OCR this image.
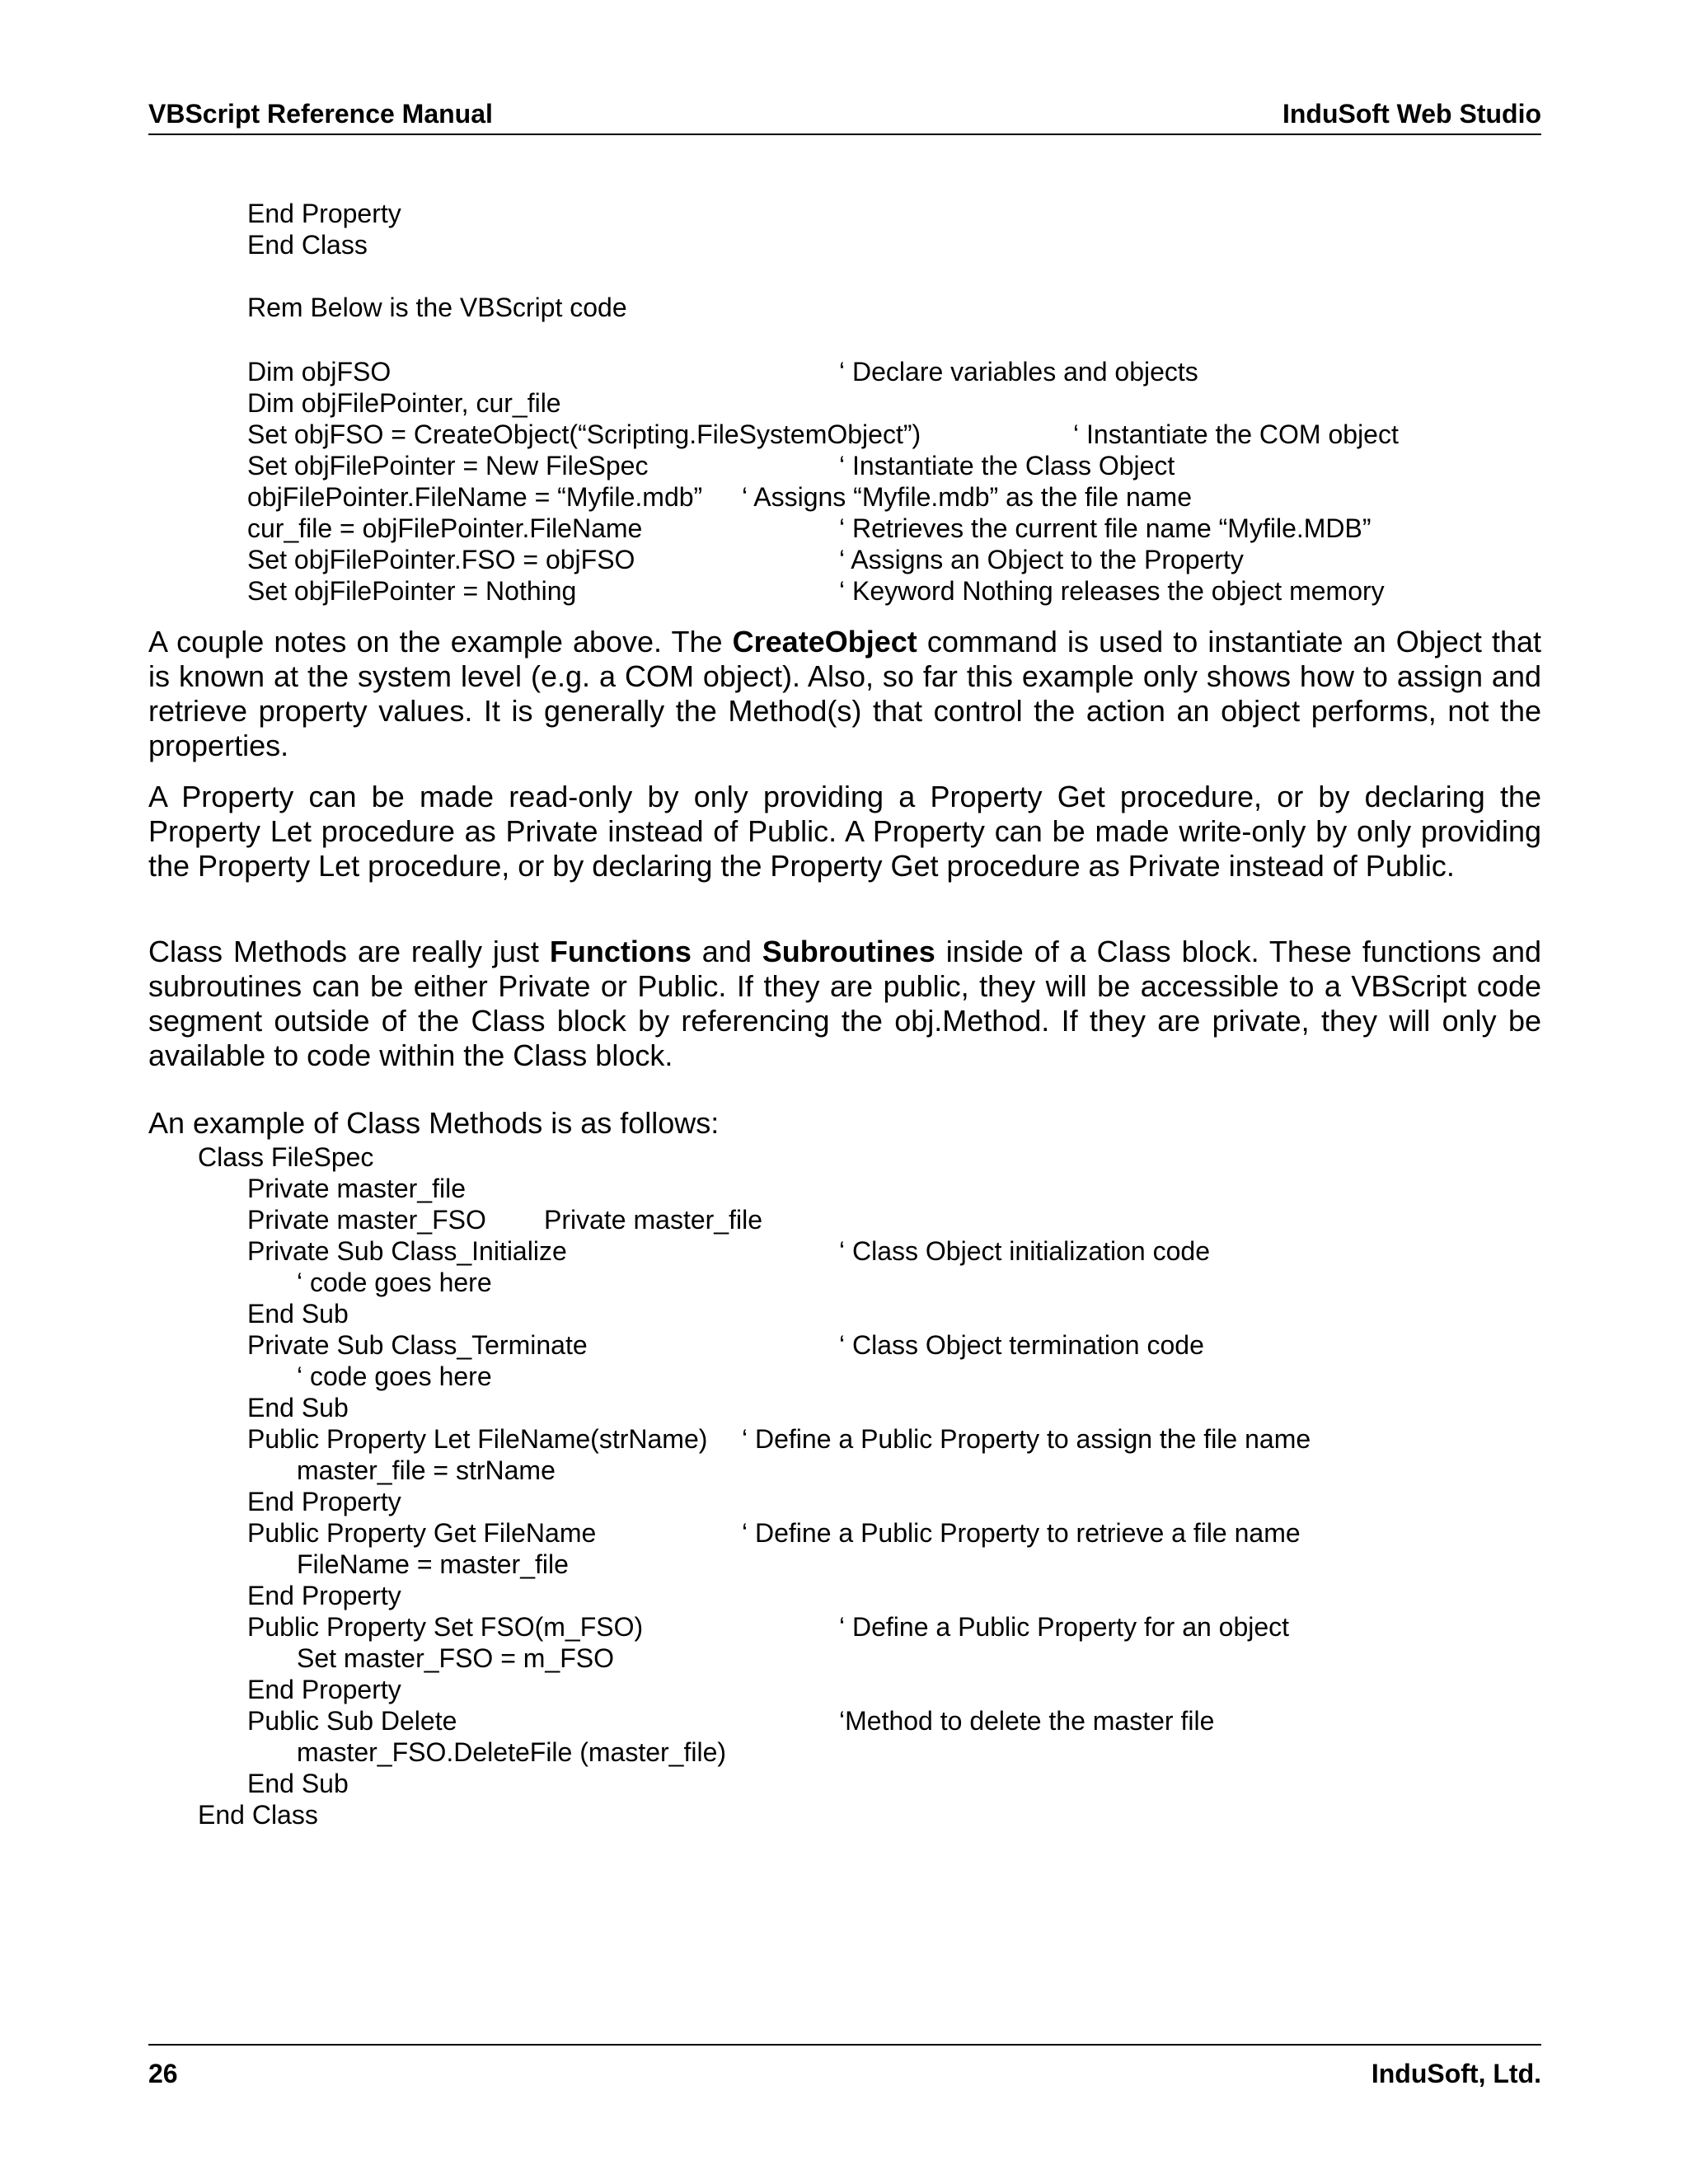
VBScript Reference Manual	InduSoft Web Studio
End Property
End Class
Rem Below is the VBScript code
Dim objFSO	‘ Declare variables and objects
Dim objFilePointer, cur_file
Set objFSO = CreateObject(“Scripting.FileSystemObject”)	‘ Instantiate the COM object
Set objFilePointer = New FileSpec	‘ Instantiate the Class Object
objFilePointer.FileName = “Myfile.mdb” ‘ Assigns “Myfile.mdb” as the file name
cur_file = objFilePointer.FileName	‘ Retrieves the current file name “Myfile.MDB”
Set objFilePointer.FSO = objFSO	‘ Assigns an Object to the Property
Set objFilePointer = Nothing	‘ Keyword Nothing releases the object memory
A couple notes on the example above. The CreateObject command is used to instantiate an Object that is known at the system level (e.g. a COM object). Also, so far this example only shows how to assign and retrieve property values. It is generally the Method(s) that control the action an object performs, not the properties.
A Property can be made read-only by only providing a Property Get procedure, or by declaring the Property Let procedure as Private instead of Public. A Property can be made write-only by only providing the Property Let procedure, or by declaring the Property Get procedure as Private instead of Public.
Class Methods are really just Functions and Subroutines inside of a Class block. These functions and subroutines can be either Private or Public. If they are public, they will be accessible to a VBScript code segment outside of the Class block by referencing the obj.Method. If they are private, they will only be available to code within the Class block.
An example of Class Methods is as follows:
Class FileSpec
Private master_file
Private master_FSO Private master_file
Private Sub Class_Initialize	‘ Class Object initialization code
‘ code goes here
End Sub
Private Sub Class_Terminate	‘ Class Object termination code
‘ code goes here
End Sub
Public Property Let FileName(strName) ‘ Define a Public Property to assign the file name
master_file = strName
End Property
Public Property Get FileName	‘ Define a Public Property to retrieve a file name
FileName = master_file
End Property
Public Property Set FSO(m_FSO)	‘ Define a Public Property for an object
Set master_FSO = m_FSO
End Property
Public Sub Delete	‘Method to delete the master file
master_FSO.DeleteFile (master_file)
End Sub
End Class
26	InduSoft, Ltd.
